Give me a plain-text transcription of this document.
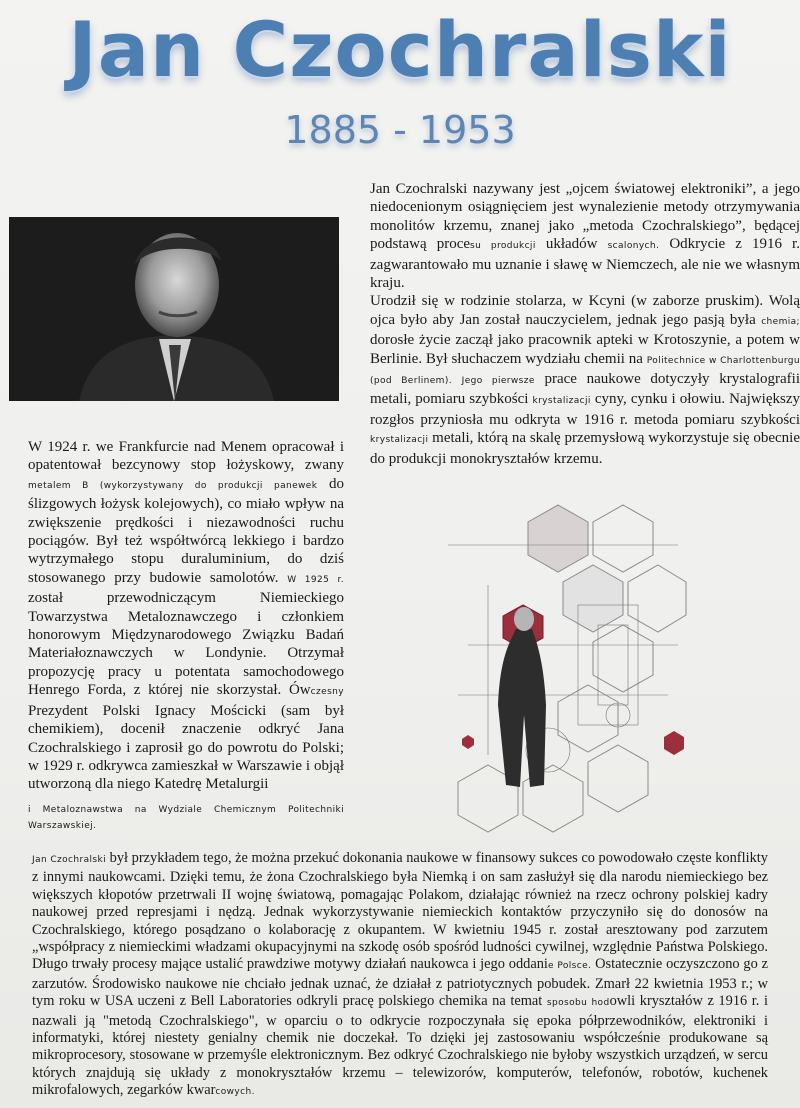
Jan Czochralski
1885 - 1953

Jan Czochralski nazywany jest „ojcem światowej elektroniki”, a jego niedocenionym osiągnięciem jest wynalezienie metody otrzymywania monolitów krzemu, znanej jako „metoda Czochralskiego”, będącej podstawą procesu produkcji układów scalonych. Odkrycie z 1916 r. zagwarantowało mu uznanie i sławę w Niemczech, ale nie we własnym kraju.

Urodził się w rodzinie stolarza, w Kcyni (w zaborze pruskim). Wolą ojca było aby Jan został nauczycielem, jednak jego pasją była chemia; dorosłe życie zaczął jako pracownik apteki w Krotoszynie, a potem w Berlinie. Był słuchaczem wydziału chemii na Politechnice w Charlottenburgu (pod Berlinem). Jego pierwsze prace naukowe dotyczyły krystalografii metali, pomiaru szybkości krystalizacji cyny, cynku i ołowiu. Największy rozgłos przyniosła mu odkryta w 1916 r. metoda pomiaru szybkości krystalizacji metali, którą na skalę przemysłową wykorzystuje się obecnie do produkcji monokryształów krzemu.

W 1924 r. we Frankfurcie nad Menem opracował i opatentował bezcynowy stop łożyskowy, zwany metalem B (wykorzystywany do produkcji panewek do ślizgowych łożysk kolejowych), co miało wpływ na zwiększenie prędkości i niezawodności ruchu pociągów. Był też współtwórcą lekkiego i bardzo wytrzymałego stopu duraluminium, do dziś stosowanego przy budowie samolotów. W 1925 r. został przewodniczącym Niemieckiego Towarzystwa Metaloznawczego i członkiem honorowym Międzynarodowego Związku Badań Materiałoznawczych w Londynie. Otrzymał propozycję pracy u potentata samochodowego Henrego Forda, z której nie skorzystał. Ówczesny Prezydent Polski Ignacy Mościcki (sam był chemikiem), docenił znaczenie odkryć Jana Czochralskiego i zaprosił go do powrotu do Polski; w 1929 r. odkrywca zamieszkał w Warszawie i objął utworzoną dla niego Katedrę Metalurgii

i Metaloznawstwa na Wydziale Chemicznym Politechniki Warszawskiej.

Jan Czochralski był przykładem tego, że można przekuć dokonania naukowe w finansowy sukces co powodowało częste konflikty z innymi naukowcami. Dzięki temu, że żona Czochralskiego była Niemką i on sam zasłużył się dla narodu niemieckiego bez większych kłopotów przetrwali II wojnę światową, pomagając Polakom, działając również na rzecz ochrony polskiej kadry naukowej przed represjami i nędzą. Jednak wykorzystywanie niemieckich kontaktów przyczyniło się do donosów na Czochralskiego, którego posądzano o kolaborację z okupantem. W kwietniu 1945 r. został aresztowany pod zarzutem „współpracy z niemieckimi władzami okupacyjnymi na szkodę osób spośród ludności cywilnej, względnie Państwa Polskiego. Długo trwały procesy mające ustalić prawdziwe motywy działań naukowca i jego oddanie Polsce. Ostatecznie oczyszczono go z zarzutów. Środowisko naukowe nie chciało jednak uznać, że działał z patriotycznych pobudek. Zmarł 22 kwietnia 1953 r.; w tym roku w USA uczeni z Bell Laboratories odkryli pracę polskiego chemika na temat sposobu hodowli kryształów z 1916 r. i nazwali ją "metodą Czochralskiego", w oparciu o to odkrycie rozpoczynała się epoka półprzewodników, elektroniki i informatyki, której niestety genialny chemik nie doczekał. To dzięki jej zastosowaniu współcześnie produkowane są mikroprocesory, stosowane w przemyśle elektronicznym. Bez odkryć Czochralskiego nie byłoby wszystkich urządzeń, w sercu których znajdują się układy z monokryształów krzemu – telewizorów, komputerów, telefonów, robotów, kuchenek mikrofalowych, zegarków kwarcowych.
